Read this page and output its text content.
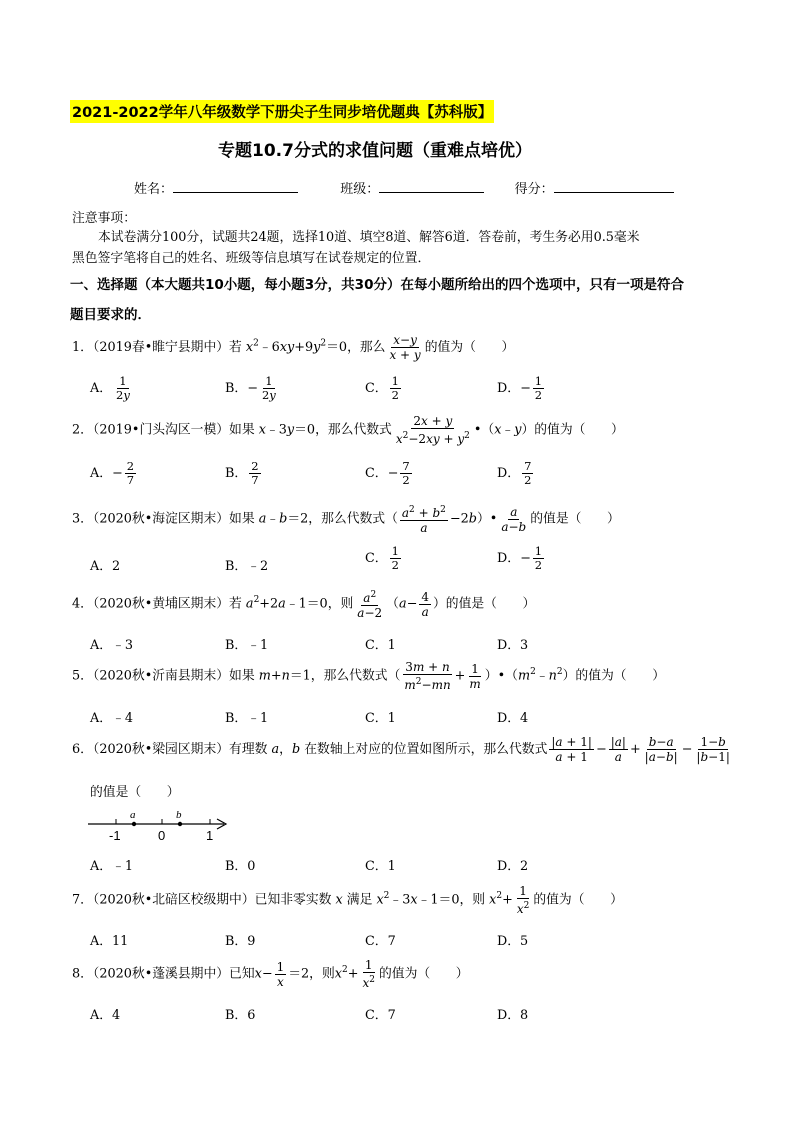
2021-2022学年八年级数学下册尖子生同步培优题典【苏科版】
专题10.7分式的求值问题（重难点培优）
姓名：	班级：	得分：
注意事项：
本试卷满分100分，试题共24题，选择10道、填空8道、解答6道．答卷前，考生务必用0.5毫米
黑色签字笔将自己的姓名、班级等信息填写在试卷规定的位置．
一、选择题（本大题共10小题，每小题3分，共30分）在每小题所给出的四个选项中，只有一项是符合
题目要求的．
1．（2019春•睢宁县期中）若 $x^2﹣6xy+9y^2=0$，那么 $\frac{x-y}{x + y}$ 的值为（　　）
A． $\frac{1}{2y}$	B．− $\frac{1}{2y}$	C． $\frac{1}{2}$	D．− $\frac{1}{2}$
2．（2019•门头沟区一模）如果 x﹣3y＝0，那么代数式 $\frac{2x + y}{x^2-2xy + y^2}$ •（x﹣y）的值为（　　）
A．− $\frac{2}{7}$	B． $\frac{2}{7}$	C．− $\frac{7}{2}$	D． $\frac{7}{2}$
3．（2020秋•海淀区期末）如果 a﹣b＝2，那么代数式（ $\frac{a^2 + b^2}{a}$ −2b）• $\frac{a}{a-b}$ 的值是（　　）
A．2	B．﹣2
C． $\frac{1}{2}$	D．− $\frac{1}{2}$
4．（2020秋•黄埔区期末）若 $a^2+2a﹣1=0$，则 $\frac{a^2}{a-2} (a- \frac{4}{a}$ ）的值是（　　）
A．﹣3	B．﹣1	C．1	D．3
5．（2020秋•沂南县期末）如果 m+n＝1，那么代数式（ $\frac{3m + n}{m^2-mn} + \frac{1}{m}$ ）$•(m^2﹣n^2)$的值为（　　）
A．﹣4	B．﹣1	C．1	D．4
6．（2020秋•梁园区期末）有理数 a，b 在数轴上对应的位置如图所示，那么代数式 $\frac{|a + 1|}{a + 1} - \frac{|a|}{a} + \frac{b-a}{|a-b|} - \frac{1-b}{|b-1|}$
的值是（　　）
a	b
-1	0	1
A．﹣1	B．0	C．1	D．2
7．（2020秋•北碚区校级期中）已知非零实数 x 满足 $x^2﹣3x﹣1=0$，则 $x^2+ \frac{1}{x^2}$ 的值为（　　）
A．11	B．9	C．7	D．5
8．（2020秋•蓬溪县期中）已知$x- \frac{1}{x} =2$，则$x^2+ \frac{1}{x^2}$ 的值为（　　）
A．4	B．6	C．7	D．8
